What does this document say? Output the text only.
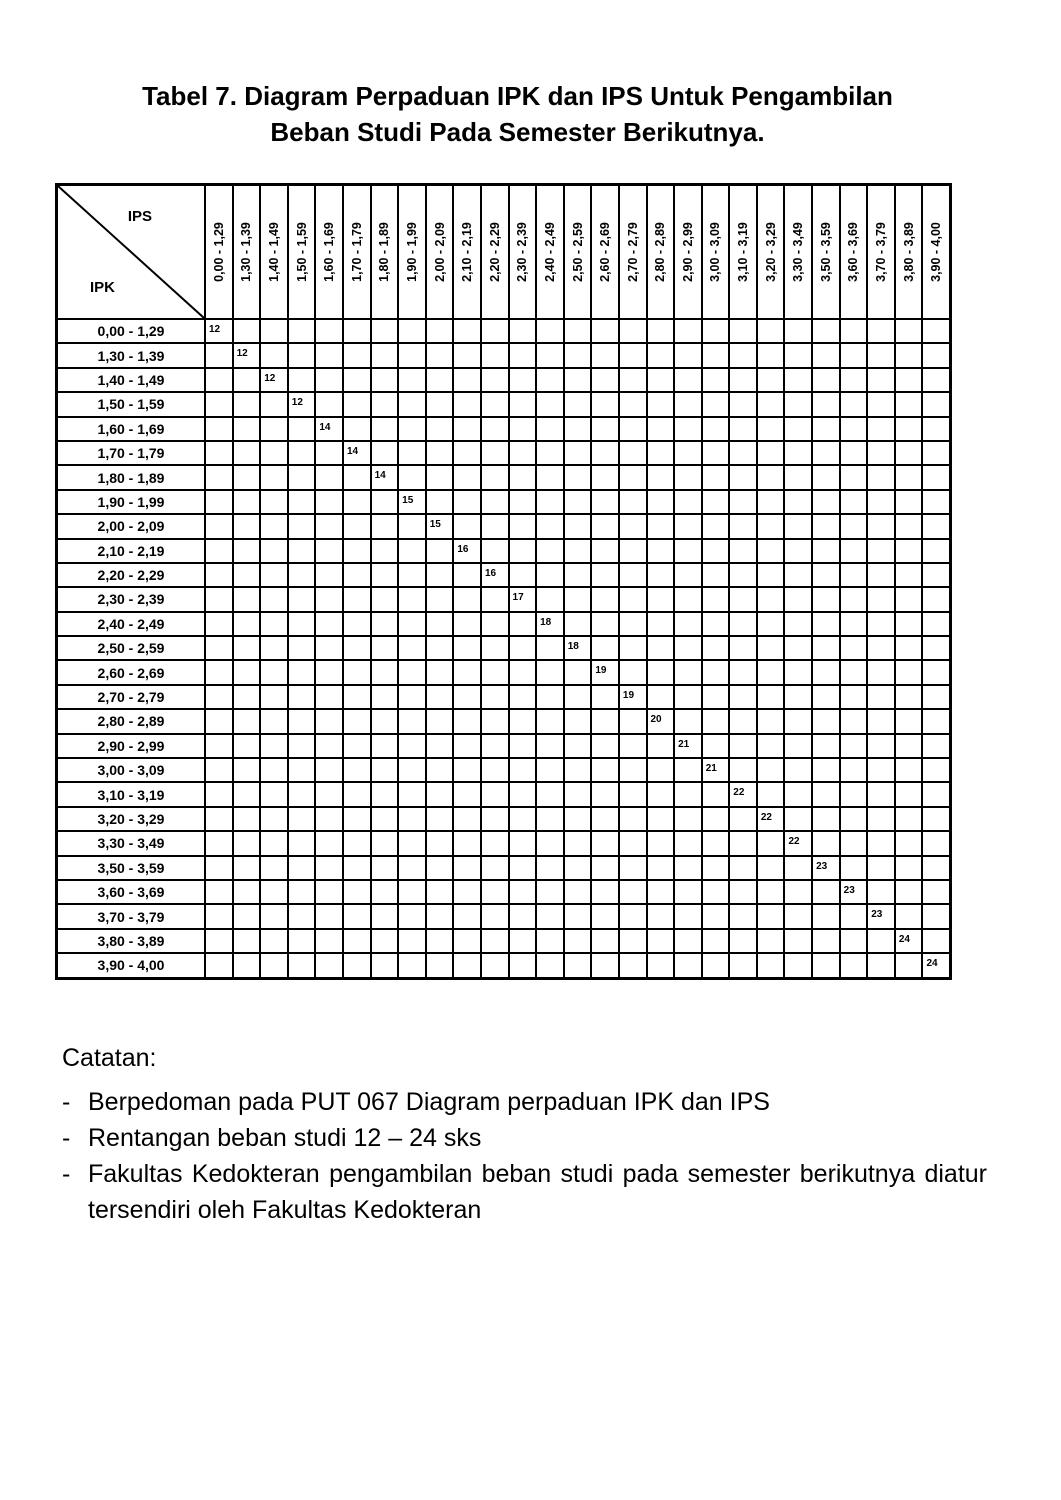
Tabel 7. Diagram Perpaduan IPK dan IPS Untuk Pengambilan
Beban Studi Pada Semester Berikutnya.
IPS
IPK	0,00 - 1,29	1,30 - 1,39	1,40 - 1,49	1,50 - 1,59	1,60 - 1,69	1,70 - 1,79	1,80 - 1,89	1,90 - 1,99	2,00 - 2,09	2,10 - 2,19	2,20 - 2,29	2,30 - 2,39	2,40 - 2,49	2,50 - 2,59	2,60 - 2,69	2,70 - 2,79	2,80 - 2,89	2,90 - 2,99	3,00 - 3,09	3,10 - 3,19	3,20 - 3,29	3,30 - 3,49	3,50 - 3,59	3,60 - 3,69	3,70 - 3,79	3,80 - 3,89	3,90 - 4,00

0,00 - 1,29	12																										

1,30 - 1,39		12																									

1,40 - 1,49			12																								

1,50 - 1,59				12																							

1,60 - 1,69					14																						

1,70 - 1,79						14																					

1,80 - 1,89							14																				

1,90 - 1,99								15																			

2,00 - 2,09									15																		

2,10 - 2,19										16																	

2,20 - 2,29											16																

2,30 - 2,39												17															

2,40 - 2,49													18														

2,50 - 2,59														18													

2,60 - 2,69															19												

2,70 - 2,79																19											

2,80 - 2,89																	20										

2,90 - 2,99																		21									

3,00 - 3,09																			21								

3,10 - 3,19																				22							

3,20 - 3,29																					22						

3,30 - 3,49																						22					

3,50 - 3,59																							23				

3,60 - 3,69																								23			

3,70 - 3,79																									23		

3,80 - 3,89																										24	

3,90 - 4,00																											24
Catatan:
- Berpedoman pada PUT 067 Diagram perpaduan IPK dan IPS
- Rentangan beban studi 12 – 24 sks
- Fakultas Kedokteran pengambilan beban studi pada semester berikutnya diatur tersendiri oleh Fakultas Kedokteran
